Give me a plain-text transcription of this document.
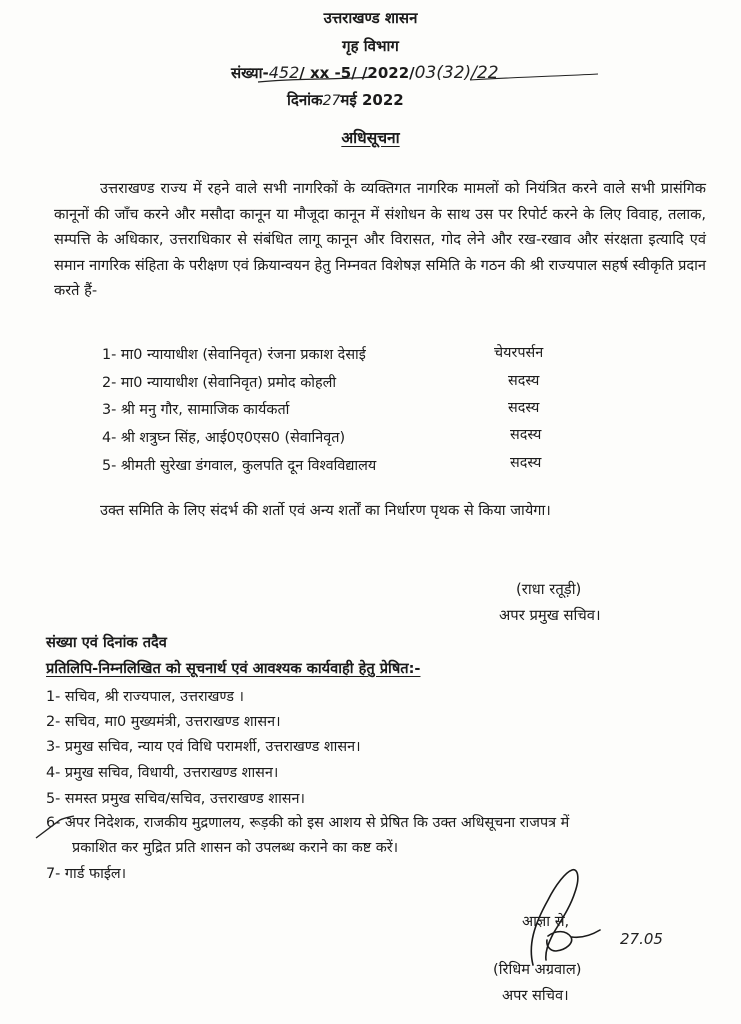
उत्तराखण्ड शासन
गृह विभाग
संख्या-452/ xx -5/ /2022/03(32)/22
दिनांक27मई 2022
अधिसूचना
उत्तराखण्ड राज्य में रहने वाले सभी नागरिकों के व्यक्तिगत नागरिक मामलों को नियंत्रित करने वाले सभी प्रासंगिक कानूनों की जाँच करने और मसौदा कानून या मौजूदा कानून में संशोधन के साथ उस पर रिपोर्ट करने के लिए विवाह, तलाक, सम्पत्ति के अधिकार, उत्तराधिकार से संबंधित लागू कानून और विरासत, गोद लेने और रख-रखाव और संरक्षता इत्यादि एवं समान नागरिक संहिता के परीक्षण एवं क्रियान्वयन हेतु निम्नवत विशेषज्ञ समिति के गठन की श्री राज्यपाल सहर्ष स्वीकृति प्रदान करते हैं-
1- मा0 न्यायाधीश (सेवानिवृत) रंजना प्रकाश देसाई	चेयरपर्सन
2- मा0 न्यायाधीश (सेवानिवृत) प्रमोद कोहली	सदस्य
3- श्री मनु गौर, सामाजिक कार्यकर्ता	सदस्य
4- श्री शत्रुघ्न सिंह, आई0ए0एस0 (सेवानिवृत)	सदस्य
5- श्रीमती सुरेखा डंगवाल, कुलपति दून विश्वविद्यालय	सदस्य
उक्त समिति के लिए संदर्भ की शर्तो एवं अन्य शर्तों का निर्धारण पृथक से किया जायेगा।
(राधा रतूड़ी)
अपर प्रमुख सचिव।
संख्या एवं दिनांक तदैव
प्रतिलिपि-निम्नलिखित को सूचनार्थ एवं आवश्यक कार्यवाही हेतु प्रेषित:-
1- सचिव, श्री राज्यपाल, उत्तराखण्ड ।
2- सचिव, मा0 मुख्यमंत्री, उत्तराखण्ड शासन।
3- प्रमुख सचिव, न्याय एवं विधि परामर्शी, उत्तराखण्ड शासन।
4- प्रमुख सचिव, विधायी, उत्तराखण्ड शासन।
5- समस्त प्रमुख सचिव/सचिव, उत्तराखण्ड शासन।
6- अपर निदेशक, राजकीय मुद्रणालय, रूड़की को इस आशय से प्रेषित कि उक्त अधिसूचना राजपत्र में
प्रकाशित कर मुद्रित प्रति शासन को उपलब्ध कराने का कष्ट करें।
7- गार्ड फाईल।
आज्ञा से,
27.05
(रिधिम अग्रवाल)
अपर सचिव।
